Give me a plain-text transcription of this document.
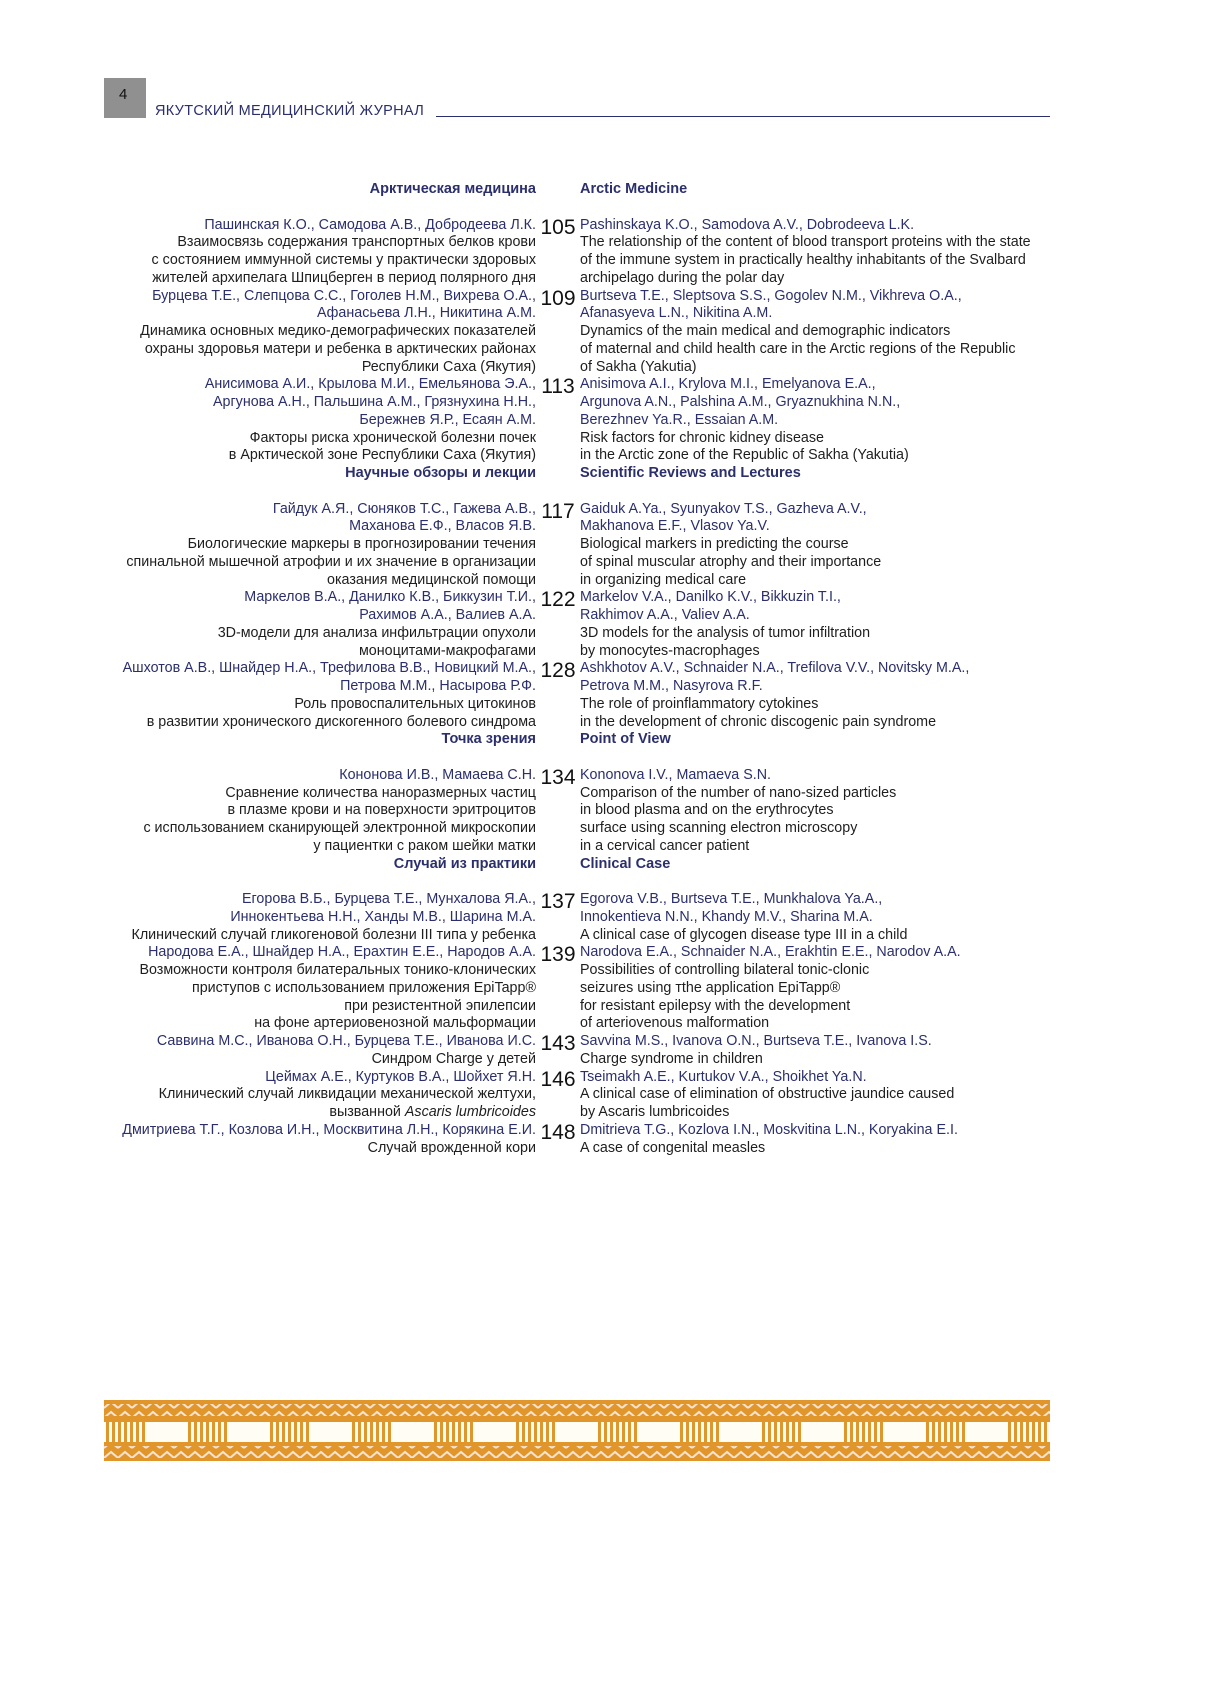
4
ЯКУТСКИЙ МЕДИЦИНСКИЙ ЖУРНАЛ
Арктическая медицина	Arctic Medicine
Пашинская К.О., Самодова А.В., Добродеева Л.К. 105 Pashinskaya K.O., Samodova A.V., Dobrodeeva L.K.
Взаимосвязь содержания транспортных белков крови	The relationship of the content of blood transport proteins with the state
с состоянием иммунной системы у практически здоровых	of the immune system in practically healthy inhabitants of the Svalbard
жителей архипелага Шпицберген в период полярного дня	archipelago during the polar day
Бурцева Т.Е., Слепцова С.С., Гоголев Н.М., Вихрева О.А., 109 Burtseva T.E., Sleptsova S.S., Gogolev N.M., Vikhreva O.A.,
Афанасьева Л.Н., Никитина А.М.	Afanasyeva L.N., Nikitina A.M.
Динамика основных медико-демографических показателей	Dynamics of the main medical and demographic indicators
охраны здоровья матери и ребенка в арктических районах	of maternal and child health care in the Arctic regions of the Republic
Республики Саха (Якутия)	of Sakha (Yakutia)
Анисимова А.И., Крылова М.И., Емельянова Э.А., 113 Anisimova A.I., Krylova M.I., Emelyanova E.A.,
Аргунова А.Н., Пальшина А.М., Грязнухина Н.Н.,	Argunova A.N., Palshina A.M., Gryaznukhina N.N.,
Бережнев Я.Р., Есаян А.М.	Berezhnev Ya.R., Essaian A.M.
Факторы риска хронической болезни почек	Risk factors for chronic kidney disease
в Арктической зоне Республики Саха (Якутия)	in the Arctic zone of the Republic of Sakha (Yakutia)
Научные обзоры и лекции	Scientific Reviews and Lectures
Гайдук А.Я., Сюняков Т.С., Гажева А.В., 117 Gaiduk A.Ya., Syunyakov T.S., Gazheva A.V.,
Маханова Е.Ф., Власов Я.В.	Makhanova E.F., Vlasov Ya.V.
Биологические маркеры в прогнозировании течения	Biological markers in predicting the course
спинальной мышечной атрофии и их значение в организации	of spinal muscular atrophy and their importance
оказания медицинской помощи	in organizing medical care
Маркелов В.А., Данилко К.В., Биккузин Т.И., 122 Markelov V.A., Danilko K.V., Bikkuzin T.I.,
Рахимов А.А., Валиев А.А.	Rakhimov A.A., Valiev A.A.
3D-модели для анализа инфильтрации опухоли	3D models for the analysis of tumor infiltration
моноцитами-макрофагами	by monocytes-macrophages
Ашхотов А.В., Шнайдер Н.А., Трефилова В.В., Новицкий М.А., 128 Ashkhotov A.V., Schnaider N.A., Trefilova V.V., Novitsky M.A.,
Петрова М.М., Насырова Р.Ф.	Petrova M.M., Nasyrova R.F.
Роль провоспалительных цитокинов	The role of proinflammatory cytokines
в развитии хронического дискогенного болевого синдрома	in the development of chronic discogenic pain syndrome
Точка зрения	Point of View
Кононова И.В., Мамаева С.Н. 134 Kononova I.V., Mamaeva S.N.
Сравнение количества наноразмерных частиц	Comparison of the number of nano-sized particles
в плазме крови и на поверхности эритроцитов	in blood plasma and on the erythrocytes
с использованием сканирующей электронной микроскопии	surface using scanning electron microscopy
у пациентки с раком шейки матки	in a cervical cancer patient
Случай из практики	Clinical Case
Егорова В.Б., Бурцева Т.Е., Мунхалова Я.А., 137 Egorova V.B., Burtseva T.E., Munkhalova Ya.A.,
Иннокентьева Н.Н., Ханды М.В., Шарина М.А.	Innokentieva N.N., Khandy M.V., Sharina M.A.
Клинический случай гликогеновой болезни III типа у ребенка	A clinical case of glycogen disease type III in a child
Народова Е.А., Шнайдер Н.А., Ерахтин Е.Е., Народов А.А. 139 Narodova E.A., Schnaider N.A., Erakhtin E.E., Narodov A.A.
Возможности контроля билатеральных тонико-клонических	Possibilities of controlling bilateral tonic-clonic
приступов с использованием приложения EpiTapp®	seizures using тthe application EpiTapp®
при резистентной эпилепсии	for resistant epilepsy with the development
на фоне артериовенозной мальформации	of arteriovenous malformation
Саввина М.С., Иванова О.Н., Бурцева Т.Е., Иванова И.С. 143 Savvina M.S., Ivanova O.N., Burtseva T.E., Ivanova I.S.
Синдром Charge у детей	Charge syndrome in children
Цеймах А.Е., Куртуков В.А., Шойхет Я.Н. 146 Tseimakh A.E., Kurtukov V.A., Shoikhet Ya.N.
Клинический случай ликвидации механической желтухи,	A clinical case of elimination of obstructive jaundice caused
вызванной Ascaris lumbricoides	by Ascaris lumbricoides
Дмитриева Т.Г., Козлова И.Н., Москвитина Л.Н., Корякина Е.И. 148 Dmitrieva T.G., Kozlova I.N., Moskvitina L.N., Koryakina E.I.
Случай врожденной кори	A case of congenital measles
